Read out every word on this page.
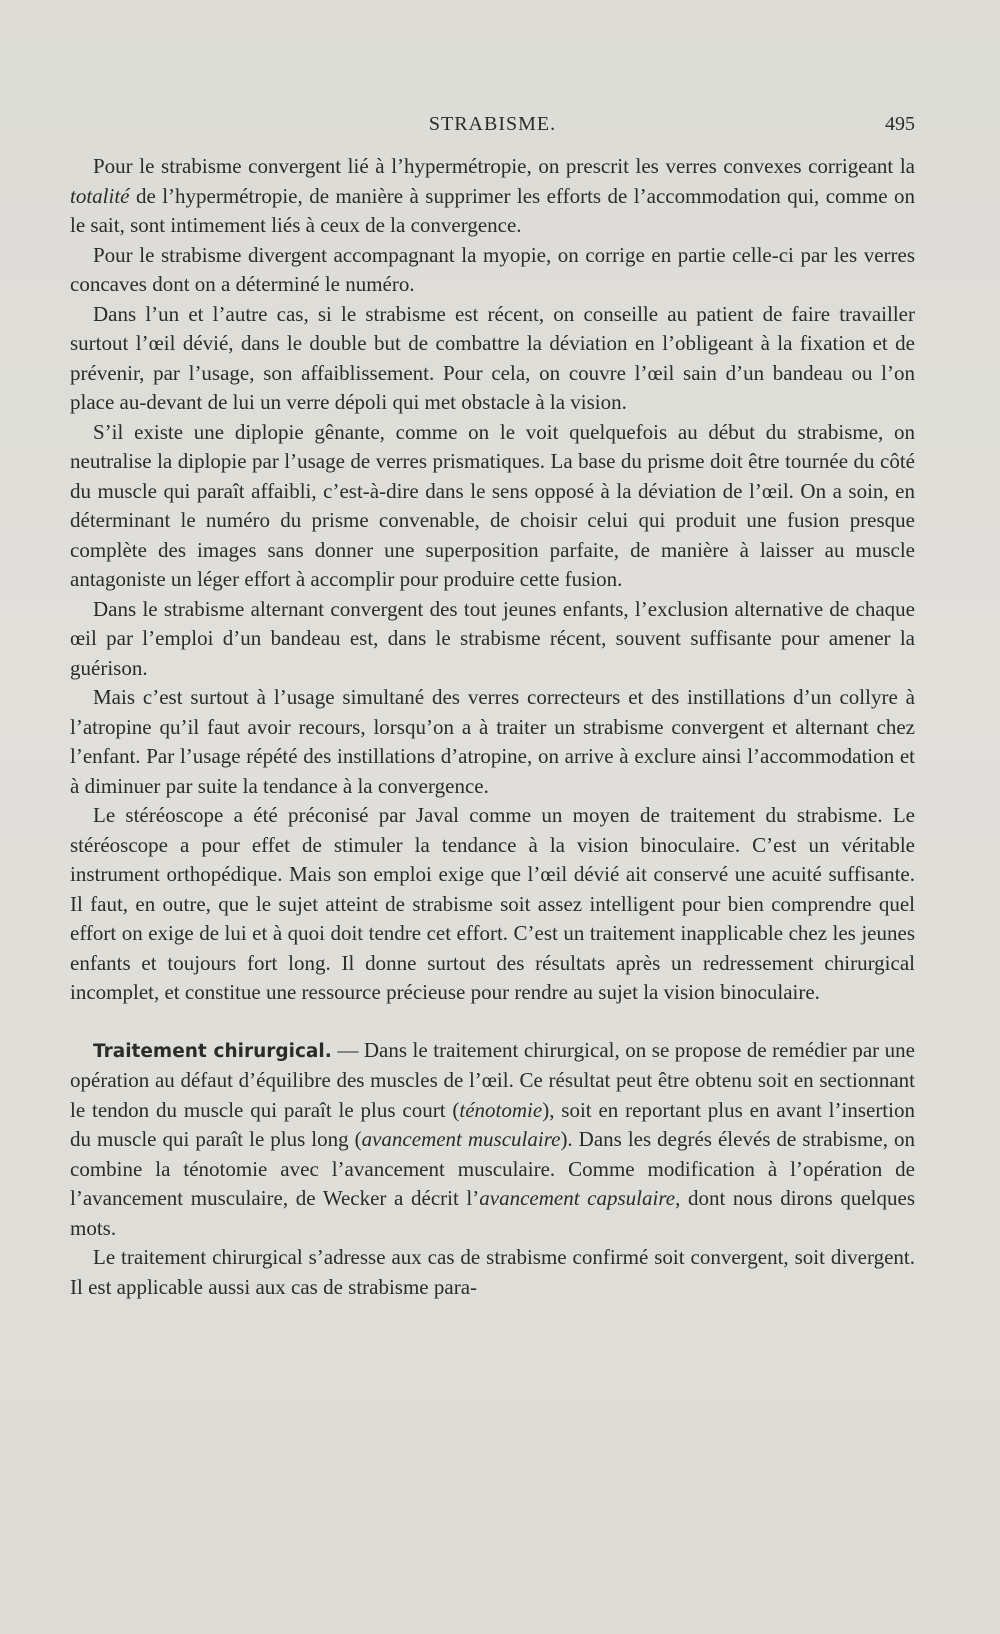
STRABISME.	495

Pour le strabisme convergent lié à l’hypermétropie, on prescrit les verres convexes corrigeant la totalité de l’hypermétropie, de manière à supprimer les efforts de l’accommodation qui, comme on le sait, sont intimement liés à ceux de la convergence.

Pour le strabisme divergent accompagnant la myopie, on corrige en partie celle-ci par les verres concaves dont on a déterminé le numéro.

Dans l’un et l’autre cas, si le strabisme est récent, on conseille au patient de faire travailler surtout l’œil dévié, dans le double but de combattre la déviation en l’obligeant à la fixation et de prévenir, par l’usage, son affaiblissement. Pour cela, on couvre l’œil sain d’un bandeau ou l’on place au-devant de lui un verre dépoli qui met obstacle à la vision.

S’il existe une diplopie gênante, comme on le voit quelquefois au début du strabisme, on neutralise la diplopie par l’usage de verres prismatiques. La base du prisme doit être tournée du côté du muscle qui paraît affaibli, c’est-à-dire dans le sens opposé à la déviation de l’œil. On a soin, en déterminant le numéro du prisme convenable, de choisir celui qui produit une fusion presque complète des images sans donner une superposition parfaite, de manière à laisser au muscle antagoniste un léger effort à accomplir pour produire cette fusion.

Dans le strabisme alternant convergent des tout jeunes enfants, l’exclusion alternative de chaque œil par l’emploi d’un bandeau est, dans le strabisme récent, souvent suffisante pour amener la guérison.

Mais c’est surtout à l’usage simultané des verres correcteurs et des instillations d’un collyre à l’atropine qu’il faut avoir recours, lorsqu’on a à traiter un strabisme convergent et alternant chez l’enfant. Par l’usage répété des instillations d’atropine, on arrive à exclure ainsi l’accommodation et à diminuer par suite la tendance à la convergence.

Le stéréoscope a été préconisé par Javal comme un moyen de traitement du strabisme. Le stéréoscope a pour effet de stimuler la tendance à la vision binoculaire. C’est un véritable instrument orthopédique. Mais son emploi exige que l’œil dévié ait conservé une acuité suffisante. Il faut, en outre, que le sujet atteint de strabisme soit assez intelligent pour bien comprendre quel effort on exige de lui et à quoi doit tendre cet effort. C’est un traitement inapplicable chez les jeunes enfants et toujours fort long. Il donne surtout des résultats après un redressement chirurgical incomplet, et constitue une ressource précieuse pour rendre au sujet la vision binoculaire.

Traitement chirurgical. — Dans le traitement chirurgical, on se propose de remédier par une opération au défaut d’équilibre des muscles de l’œil. Ce résultat peut être obtenu soit en sectionnant le tendon du muscle qui paraît le plus court (ténotomie), soit en reportant plus en avant l’insertion du muscle qui paraît le plus long (avancement musculaire). Dans les degrés élevés de strabisme, on combine la ténotomie avec l’avancement musculaire. Comme modification à l’opération de l’avancement musculaire, de Wecker a décrit l’avancement capsulaire, dont nous dirons quelques mots.

Le traitement chirurgical s’adresse aux cas de strabisme confirmé soit convergent, soit divergent. Il est applicable aussi aux cas de strabisme para-
